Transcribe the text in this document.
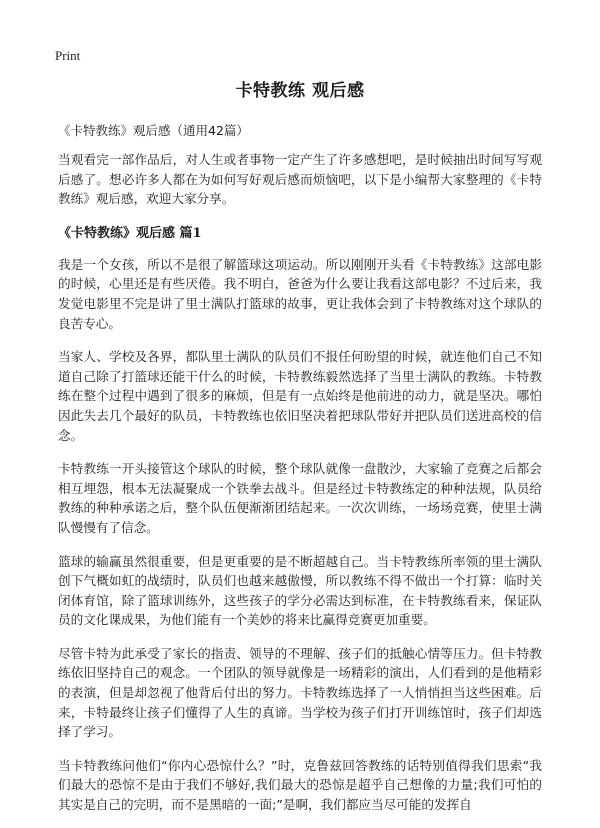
Print
卡特教练 观后感

《卡特教练》观后感（通用42篇）

当观看完一部作品后，对人生或者事物一定产生了许多感想吧，是时候抽出时间写写观后感了。想必许多人都在为如何写好观后感而烦恼吧，以下是小编帮大家整理的《卡特教练》观后感，欢迎大家分享。

《卡特教练》观后感 篇1

我是一个女孩，所以不是很了解篮球这项运动。所以刚刚开头看《卡特教练》这部电影的时候，心里还是有些厌倦。我不明白，爸爸为什么要让我看这部电影？不过后来，我发觉电影里不完是讲了里士满队打篮球的故事，更让我体会到了卡特教练对这个球队的良苦专心。

当家人、学校及各界，都队里士满队的队员们不报任何盼望的时候，就连他们自己不知道自己除了打篮球还能干什么的时候，卡特教练毅然选择了当里士满队的教练。卡特教练在整个过程中遇到了很多的麻烦，但是有一点始终是他前进的动力，就是坚决。哪怕因此失去几个最好的队员，卡特教练也依旧坚决着把球队带好并把队员们送进高校的信念。

卡特教练一开头接管这个球队的时候，整个球队就像一盘散沙，大家输了竞赛之后都会相互埋怨，根本无法凝聚成一个铁拳去战斗。但是经过卡特教练定的种种法规，队员给教练的种种承诺之后，整个队伍便渐渐团结起来。一次次训练，一场场竞赛，使里士满队慢慢有了信念。

篮球的输赢虽然很重要，但是更重要的是不断超越自己。当卡特教练所率领的里士满队创下气概如虹的战绩时，队员们也越来越傲慢，所以教练不得不做出一个打算：临时关闭体育馆，除了篮球训练外，这些孩子的学分必需达到标准，在卡特教练看来，保证队员的文化课成果，为他们能有一个美妙的将来比赢得竞赛更加重要。

尽管卡特为此承受了家长的指责、领导的不理解、孩子们的抵触心情等压力。但卡特教练依旧坚持自己的观念。一个团队的领导就像是一场精彩的演出，人们看到的是他精彩的表演，但是却忽视了他背后付出的努力。卡特教练选择了一人悄悄担当这些困难。后来，卡特最终让孩子们懂得了人生的真谛。当学校为孩子们打开训练馆时，孩子们却选择了学习。

当卡特教练问他们“你内心恐惊什么？”时，克鲁兹回答教练的话特别值得我们思索“我们最大的恐惊不是由于我们不够好,我们最大的恐惊是超乎自己想像的力量;我们可怕的其实是自己的完明，而不是黑暗的一面;”是啊，我们都应当尽可能的发挥自
